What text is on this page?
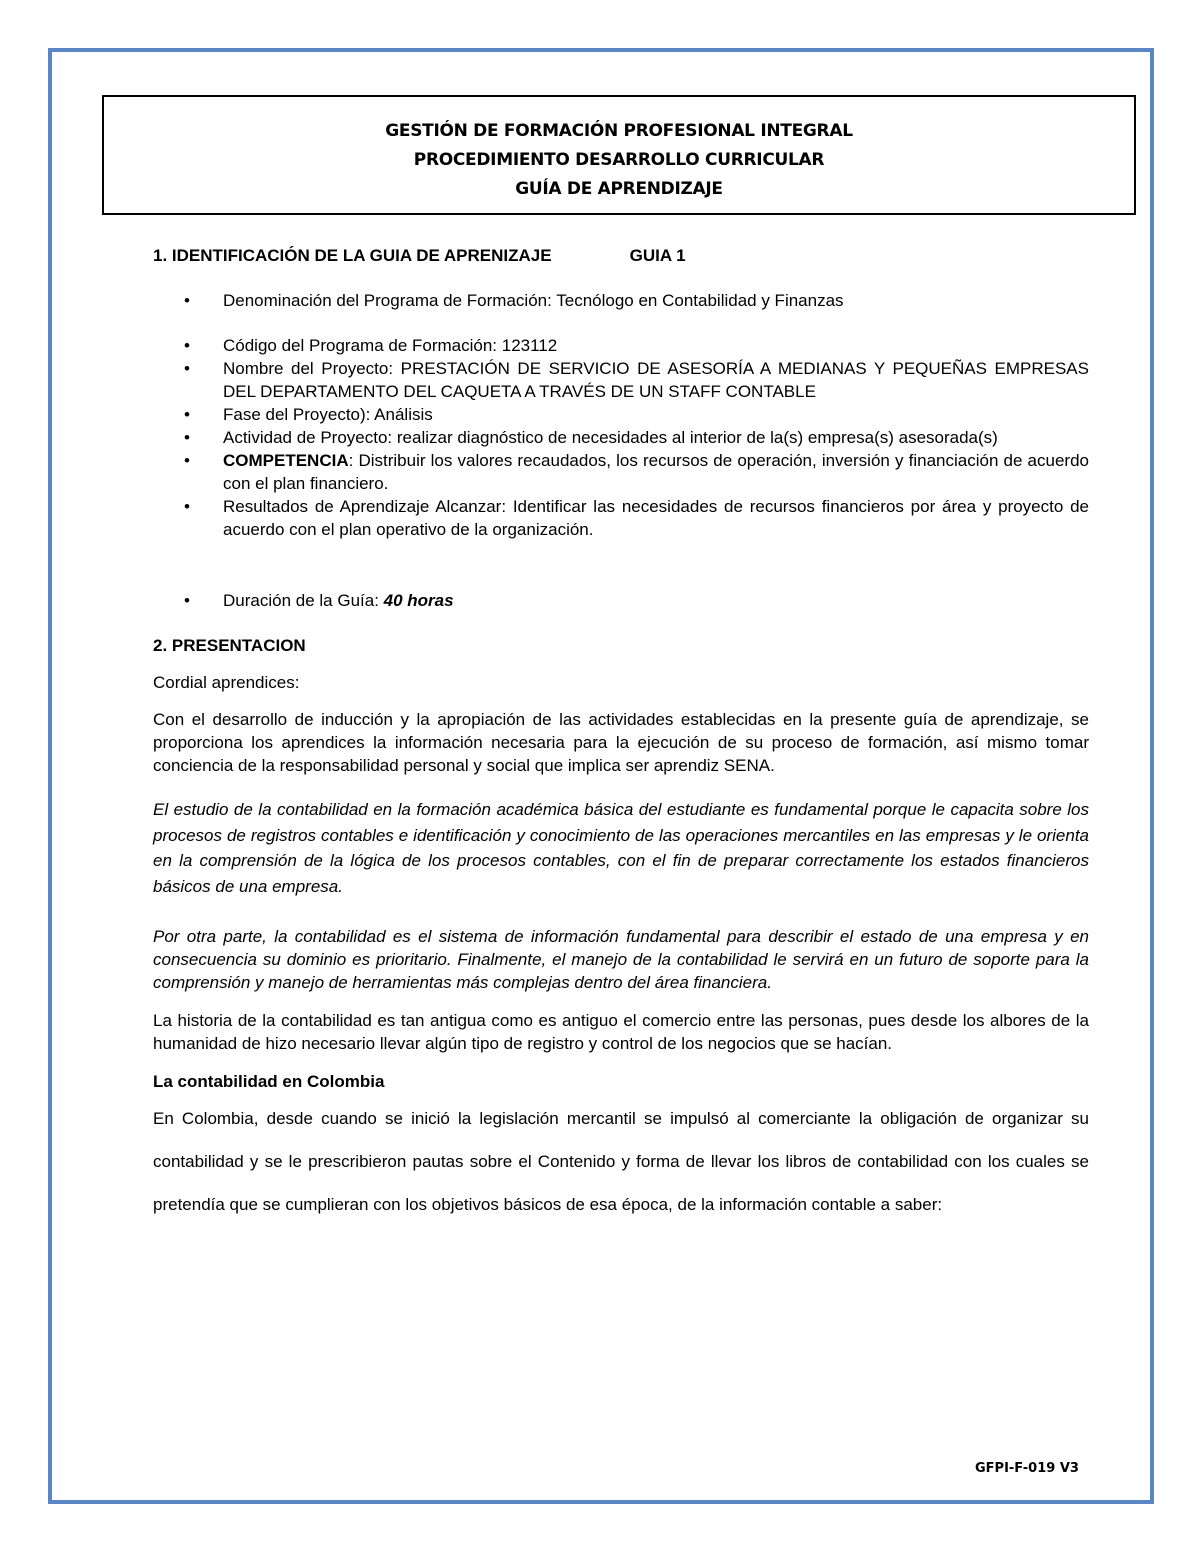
GESTIÓN DE FORMACIÓN PROFESIONAL INTEGRAL
PROCEDIMIENTO DESARROLLO CURRICULAR
GUÍA DE APRENDIZAJE
1. IDENTIFICACIÓN DE LA GUIA DE APRENIZAJE	GUIA 1
• Denominación del Programa de Formación: Tecnólogo en Contabilidad y Finanzas
• Código del Programa de Formación: 123112
• Nombre del Proyecto: PRESTACIÓN DE SERVICIO DE ASESORÍA A MEDIANAS Y PEQUEÑAS EMPRESAS DEL DEPARTAMENTO DEL CAQUETA A TRAVÉS DE UN STAFF CONTABLE
• Fase del Proyecto): Análisis
• Actividad de Proyecto: realizar diagnóstico de necesidades al interior de la(s) empresa(s) asesorada(s)
• COMPETENCIA: Distribuir los valores recaudados, los recursos de operación, inversión y financiación de acuerdo con el plan financiero.
• Resultados de Aprendizaje Alcanzar: Identificar las necesidades de recursos financieros por área y proyecto de acuerdo con el plan operativo de la organización.
• Duración de la Guía: 40 horas

2. PRESENTACION

Cordial aprendices:

Con el desarrollo de inducción y la apropiación de las actividades establecidas en la presente guía de aprendizaje, se proporciona los aprendices la información necesaria para la ejecución de su proceso de formación, así mismo tomar conciencia de la responsabilidad personal y social que implica ser aprendiz SENA.

El estudio de la contabilidad en la formación académica básica del estudiante es fundamental porque le capacita sobre los procesos de registros contables e identificación y conocimiento de las operaciones mercantiles en las empresas y le orienta en la comprensión de la lógica de los procesos contables, con el fin de preparar correctamente los estados financieros básicos de una empresa.

Por otra parte, la contabilidad es el sistema de información fundamental para describir el estado de una empresa y en consecuencia su dominio es prioritario. Finalmente, el manejo de la contabilidad le servirá en un futuro de soporte para la comprensión y manejo de herramientas más complejas dentro del área financiera.

La historia de la contabilidad es tan antigua como es antiguo el comercio entre las personas, pues desde los albores de la humanidad de hizo necesario llevar algún tipo de registro y control de los negocios que se hacían.

La contabilidad en Colombia

En Colombia, desde cuando se inició la legislación mercantil se impulsó al comerciante la obligación de organizar su contabilidad y se le prescribieron pautas sobre el Contenido y forma de llevar los libros de contabilidad con los cuales se pretendía que se cumplieran con los objetivos básicos de esa época, de la información contable a saber:

GFPI-F-019 V3
